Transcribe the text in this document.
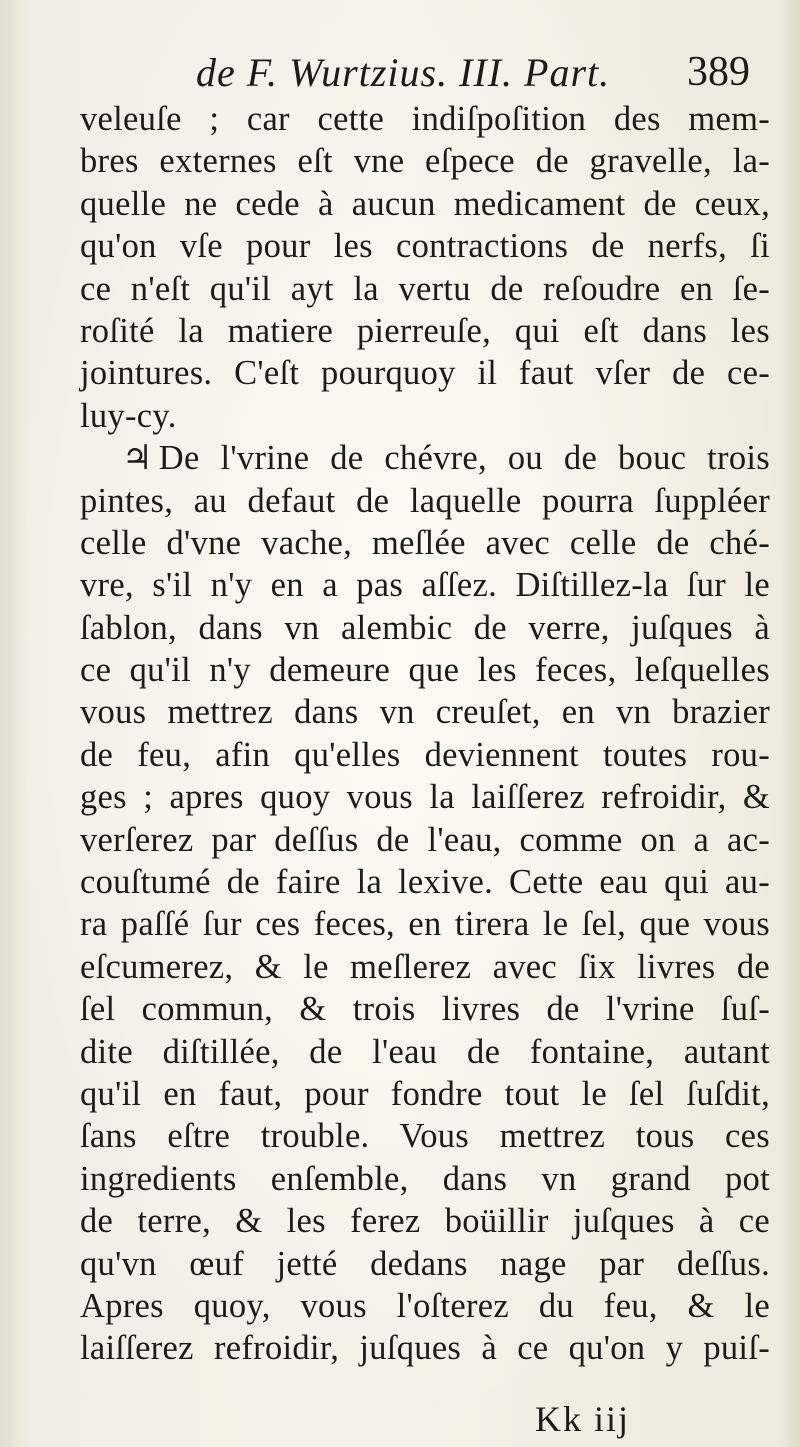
de F. Wurtzius. III. Part.	389
veleuſe ; car cette indiſpoſition des mem-
bres externes eſt vne eſpece de gravelle, la-
quelle ne cede à aucun medicament de ceux,
qu'on vſe pour les contractions de nerfs, ſi
ce n'eſt qu'il ayt la vertu de reſoudre en ſe-
roſité la matiere pierreuſe, qui eſt dans les
jointures. C'eſt pourquoy il faut vſer de ce-
luy-cy.
♃ De l'vrine de chévre, ou de bouc trois
pintes, au defaut de laquelle pourra ſuppléer
celle d'vne vache, meſlée avec celle de ché-
vre, s'il n'y en a pas aſſez. Diſtillez-la ſur le
ſablon, dans vn alembic de verre, juſques à
ce qu'il n'y demeure que les feces, leſquelles
vous mettrez dans vn creuſet, en vn brazier
de feu, afin qu'elles deviennent toutes rou-
ges ; apres quoy vous la laiſſerez refroidir, &
verſerez par deſſus de l'eau, comme on a ac-
couſtumé de faire la lexive. Cette eau qui au-
ra paſſé ſur ces feces, en tirera le ſel, que vous
eſcumerez, & le meſlerez avec ſix livres de
ſel commun, & trois livres de l'vrine ſuſ-
dite diſtillée, de l'eau de fontaine, autant
qu'il en faut, pour fondre tout le ſel ſuſdit,
ſans eſtre trouble. Vous mettrez tous ces
ingredients enſemble, dans vn grand pot
de terre, & les ferez boüillir juſques à ce
qu'vn œuf jetté dedans nage par deſſus.
Apres quoy, vous l'oſterez du feu, & le
laiſſerez refroidir, juſques à ce qu'on y puiſ-
Kk iij
